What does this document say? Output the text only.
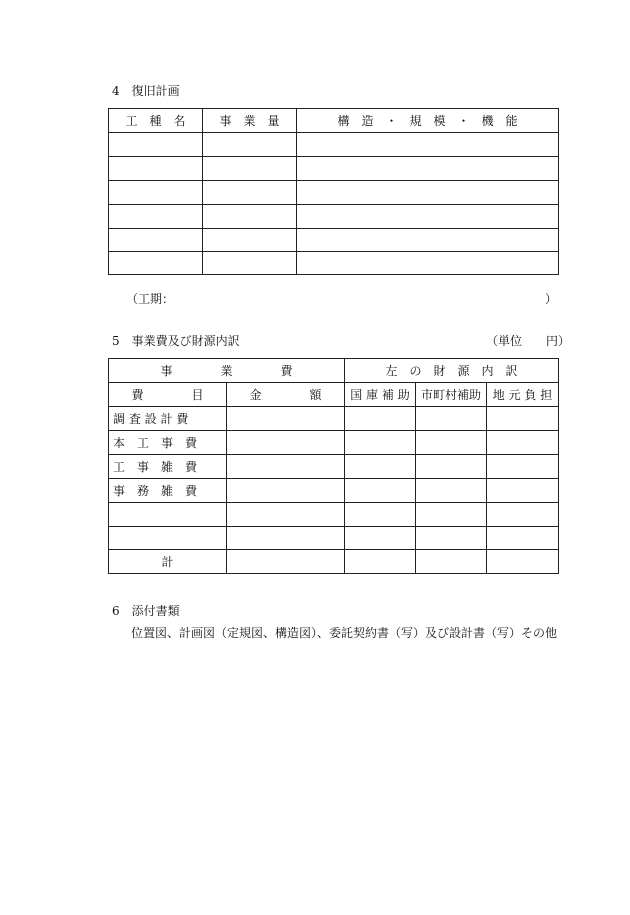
4　復旧計画
工　種　名	事　業　量	構　造　・　規　模　・　機　能

（工期：	）
5　事業費及び財源内訳	（単位　　円）
事　　　　業　　　　費		左　の　財　源　内　訳		
費　　　　目	金　　　　額	国 庫 補 助	市町村補助	地 元 負 担
調 査 設 計 費				
本　工　事　費				
工　事　雑　費				
事　務　雑　費				

計				
6　添付書類
位置図、計画図（定規図、構造図）、委託契約書（写）及び設計書（写）その他
